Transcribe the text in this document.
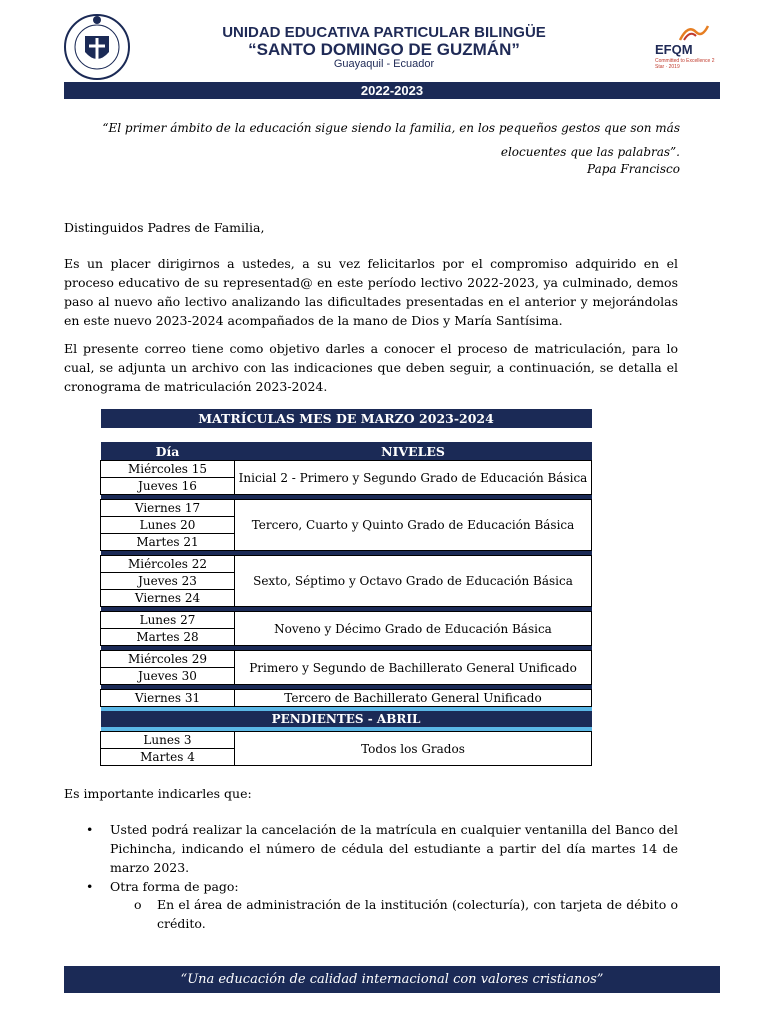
UNIDAD EDUCATIVA PARTICULAR BILINGÜE
“SANTO DOMINGO DE GUZMÁN”
Guayaquil - Ecuador
EFQM
Committed to Excellence 2 Star · 2019
2022-2023
“El primer ámbito de la educación sigue siendo la familia, en los pequeños gestos que son más
elocuentes que las palabras”.
Papa Francisco
Distinguidos Padres de Familia,
Es un placer dirigirnos a ustedes, a su vez felicitarlos por el compromiso adquirido en el proceso educativo de su representad@ en este período lectivo 2022-2023, ya culminado, demos paso al nuevo año lectivo analizando las dificultades presentadas en el anterior y mejorándolas en este nuevo 2023-2024 acompañados de la mano de Dios y María Santísima.
El presente correo tiene como objetivo darles a conocer el proceso de matriculación, para lo cual, se adjunta un archivo con las indicaciones que deben seguir, a continuación, se detalla el cronograma de matriculación 2023-2024.
MATRÍCULAS MES DE MARZO 2023-2024	

Día	NIVELES
Miércoles 15	Inicial 2 - Primero y Segundo Grado de Educación Básica
Jueves 16	

Viernes 17	Tercero, Cuarto y Quinto Grado de Educación Básica
Lunes 20	
Martes 21	

Miércoles 22	Sexto, Séptimo y Octavo Grado de Educación Básica
Jueves 23	
Viernes 24	

Lunes 27	Noveno y Décimo Grado de Educación Básica
Martes 28	

Miércoles 29	Primero y Segundo de Bachillerato General Unificado
Jueves 30	

Viernes 31	Tercero de Bachillerato General Unificado

PENDIENTES - ABRIL	

Lunes 3	Todos los Grados
Martes 4	
Es importante indicarles que:
• Usted podrá realizar la cancelación de la matrícula en cualquier ventanilla del Banco del Pichincha, indicando el número de cédula del estudiante a partir del día martes 14 de marzo 2023.
• Otra forma de pago:
o En el área de administración de la institución (colecturía), con tarjeta de débito o crédito.
“Una educación de calidad internacional con valores cristianos”
